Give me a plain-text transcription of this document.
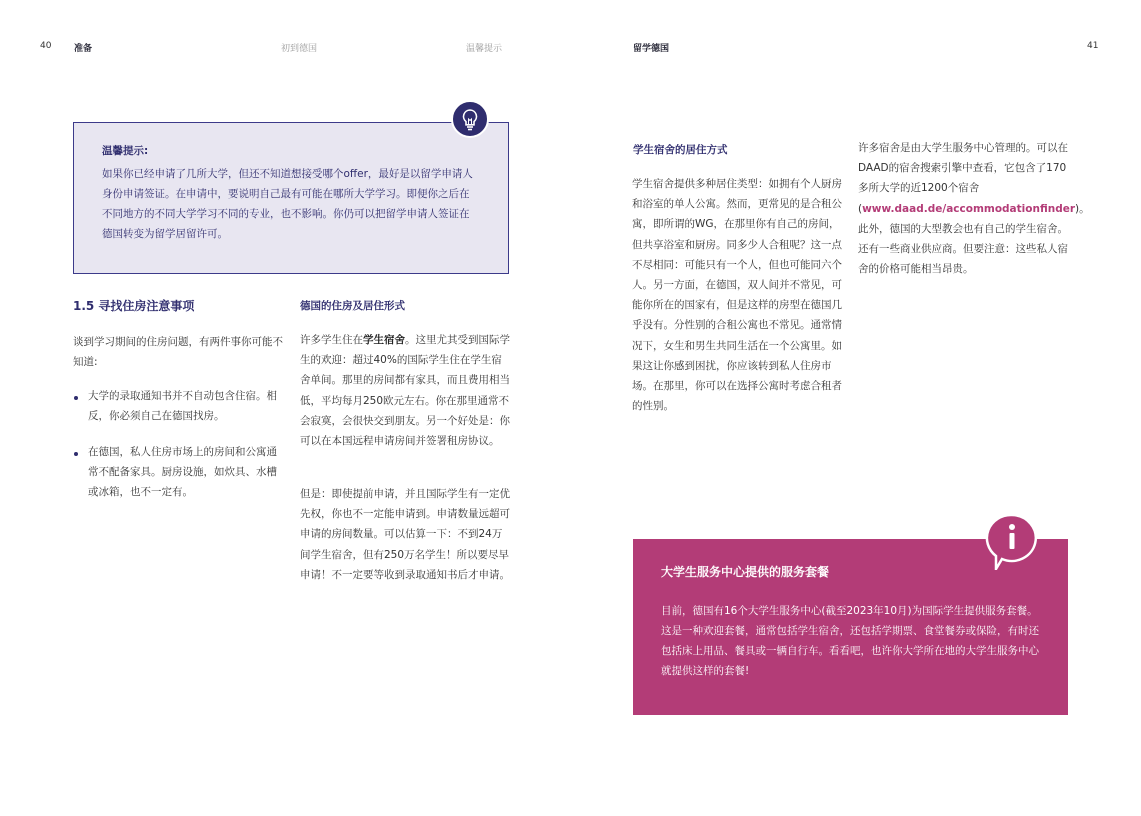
40	准备	初到德国	温馨提示	留学德国	41
温馨提示:
如果你已经申请了几所大学，但还不知道想接受哪个offer，最好是以留学申请人身份申请签证。在申请中，要说明自己最有可能在哪所大学学习。即便你之后在不同地方的不同大学学习不同的专业，也不影响。你仍可以把留学申请人签证在德国转变为留学居留许可。
1.5 寻找住房注意事项

谈到学习期间的住房问题，有两件事你可能不知道:

大学的录取通知书并不自动包含住宿。相反，你必须自己在德国找房。

在德国，私人住房市场上的房间和公寓通常不配备家具。厨房设施，如炊具、水槽或冰箱，也不一定有。

德国的住房及居住形式

许多学生住在学生宿舍。这里尤其受到国际学生的欢迎：超过40%的国际学生住在学生宿舍单间。那里的房间都有家具，而且费用相当低，平均每月250欧元左右。你在那里通常不会寂寞，会很快交到朋友。另一个好处是：你可以在本国远程申请房间并签署租房协议。

但是：即使提前申请，并且国际学生有一定优先权，你也不一定能申请到。申请数量远超可申请的房间数量。可以估算一下：不到24万间学生宿舍，但有250万名学生！所以要尽早申请！不一定要等收到录取通知书后才申请。

学生宿舍的居住方式

学生宿舍提供多种居住类型：如拥有个人厨房和浴室的单人公寓。然而，更常见的是合租公寓，即所谓的WG，在那里你有自己的房间，但共享浴室和厨房。同多少人合租呢？这一点不尽相同：可能只有一个人，但也可能同六个人。另一方面，在德国，双人间并不常见，可能你所在的国家有，但是这样的房型在德国几乎没有。分性别的合租公寓也不常见。通常情况下，女生和男生共同生活在一个公寓里。如果这让你感到困扰，你应该转到私人住房市场。在那里，你可以在选择公寓时考虑合租者的性别。

许多宿舍是由大学生服务中心管理的。可以在DAAD的宿舍搜索引擎中查看，它包含了170多所大学的近1200个宿舍(www.daad.de/accommodationfinder)。此外，德国的大型教会也有自己的学生宿舍。还有一些商业供应商。但要注意：这些私人宿舍的价格可能相当昂贵。

大学生服务中心提供的服务套餐
目前，德国有16个大学生服务中心(截至2023年10月)为国际学生提供服务套餐。这是一种欢迎套餐，通常包括学生宿舍，还包括学期票、食堂餐券或保险，有时还包括床上用品、餐具或一辆自行车。看看吧，也许你大学所在地的大学生服务中心就提供这样的套餐!
